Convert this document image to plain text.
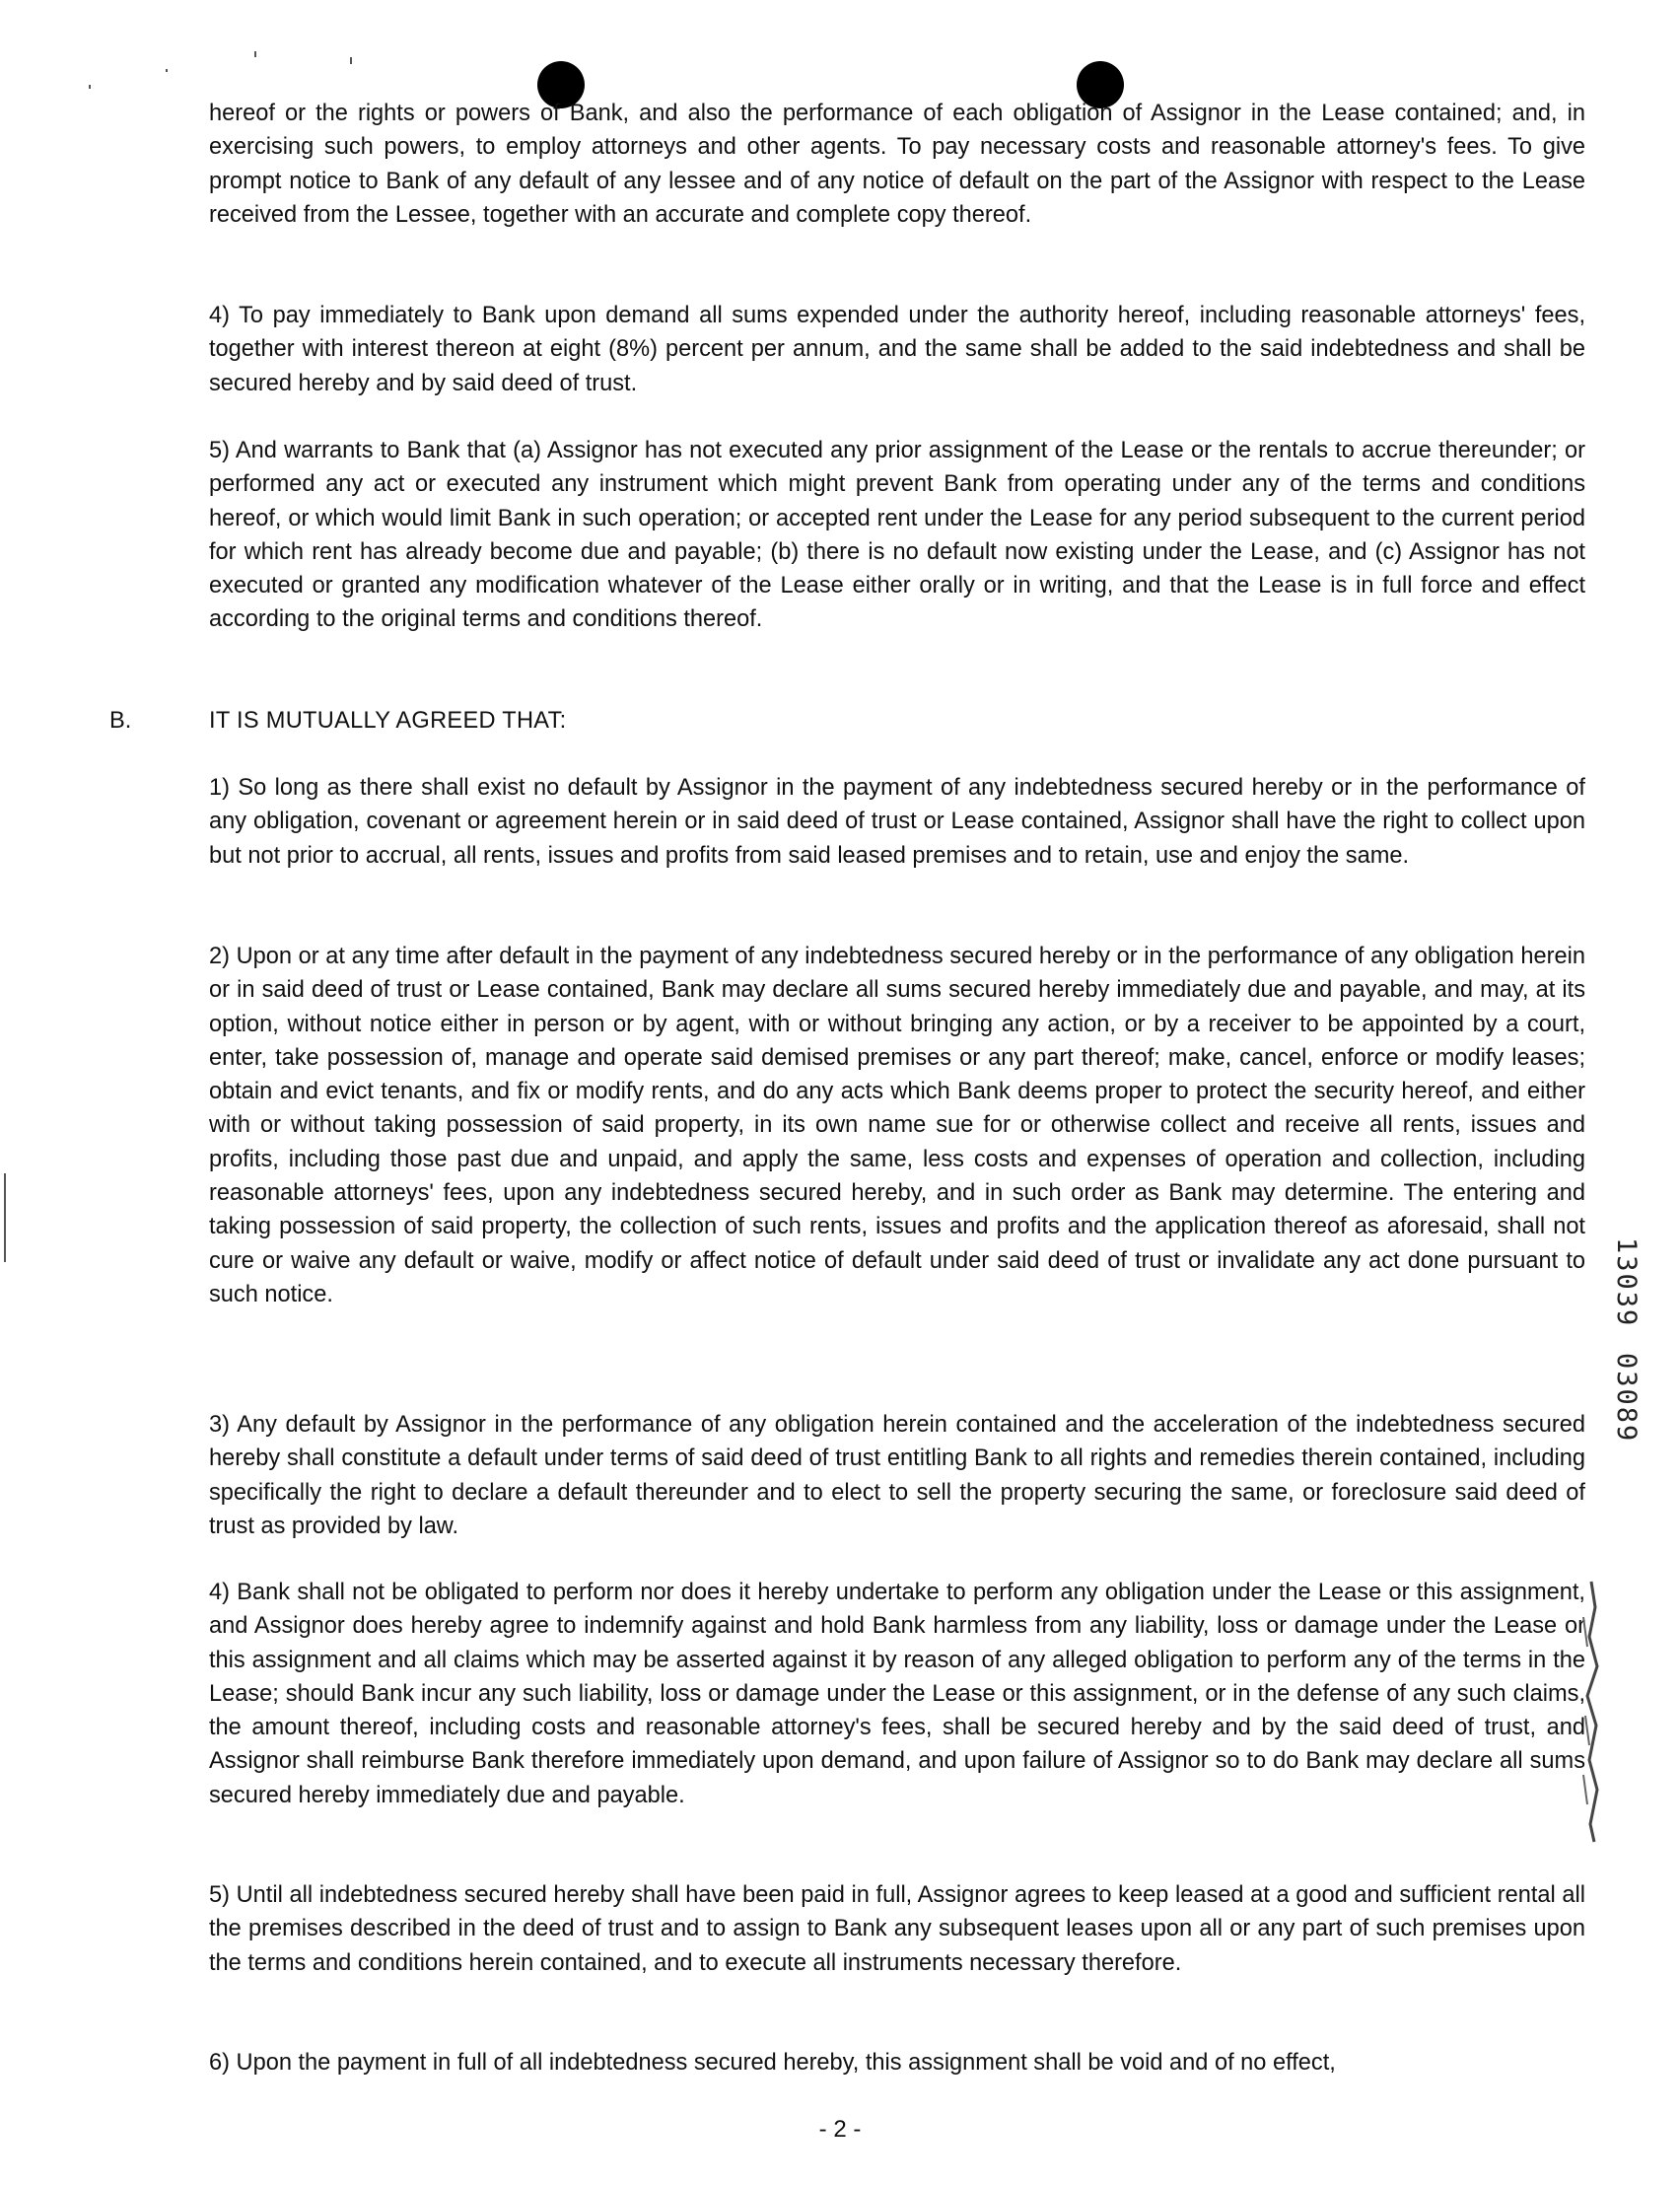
hereof or the rights or powers of Bank, and also the performance of each obligation of Assignor in the Lease contained; and, in exercising such powers, to employ attorneys and other agents. To pay necessary costs and reasonable attorney's fees. To give prompt notice to Bank of any default of any lessee and of any notice of default on the part of the Assignor with respect to the Lease received from the Lessee, together with an accurate and complete copy thereof.

4) To pay immediately to Bank upon demand all sums expended under the authority hereof, including reasonable attorneys' fees, together with interest thereon at eight (8%) percent per annum, and the same shall be added to the said indebtedness and shall be secured hereby and by said deed of trust.

5) And warrants to Bank that (a) Assignor has not executed any prior assignment of the Lease or the rentals to accrue thereunder; or performed any act or executed any instrument which might prevent Bank from operating under any of the terms and conditions hereof, or which would limit Bank in such operation; or accepted rent under the Lease for any period subsequent to the current period for which rent has already become due and payable; (b) there is no default now existing under the Lease, and (c) Assignor has not executed or granted any modification whatever of the Lease either orally or in writing, and that the Lease is in full force and effect according to the original terms and conditions thereof.

B.	IT IS MUTUALLY AGREED THAT:

1) So long as there shall exist no default by Assignor in the payment of any indebtedness secured hereby or in the performance of any obligation, covenant or agreement herein or in said deed of trust or Lease contained, Assignor shall have the right to collect upon but not prior to accrual, all rents, issues and profits from said leased premises and to retain, use and enjoy the same.

2) Upon or at any time after default in the payment of any indebtedness secured hereby or in the performance of any obligation herein or in said deed of trust or Lease contained, Bank may declare all sums secured hereby immediately due and payable, and may, at its option, without notice either in person or by agent, with or without bringing any action, or by a receiver to be appointed by a court, enter, take possession of, manage and operate said demised premises or any part thereof; make, cancel, enforce or modify leases; obtain and evict tenants, and fix or modify rents, and do any acts which Bank deems proper to protect the security hereof, and either with or without taking possession of said property, in its own name sue for or otherwise collect and receive all rents, issues and profits, including those past due and unpaid, and apply the same, less costs and expenses of operation and collection, including reasonable attorneys' fees, upon any indebtedness secured hereby, and in such order as Bank may determine. The entering and taking possession of said property, the collection of such rents, issues and profits and the application thereof as aforesaid, shall not cure or waive any default or waive, modify or affect notice of default under said deed of trust or invalidate any act done pursuant to such notice.

3) Any default by Assignor in the performance of any obligation herein contained and the acceleration of the indebtedness secured hereby shall constitute a default under terms of said deed of trust entitling Bank to all rights and remedies therein contained, including specifically the right to declare a default thereunder and to elect to sell the property securing the same, or foreclosure said deed of trust as provided by law.

4) Bank shall not be obligated to perform nor does it hereby undertake to perform any obligation under the Lease or this assignment, and Assignor does hereby agree to indemnify against and hold Bank harmless from any liability, loss or damage under the Lease or this assignment and all claims which may be asserted against it by reason of any alleged obligation to perform any of the terms in the Lease; should Bank incur any such liability, loss or damage under the Lease or this assignment, or in the defense of any such claims, the amount thereof, including costs and reasonable attorney's fees, shall be secured hereby and by the said deed of trust, and Assignor shall reimburse Bank therefore immediately upon demand, and upon failure of Assignor so to do Bank may declare all sums secured hereby immediately due and payable.

5) Until all indebtedness secured hereby shall have been paid in full, Assignor agrees to keep leased at a good and sufficient rental all the premises described in the deed of trust and to assign to Bank any subsequent leases upon all or any part of such premises upon the terms and conditions herein contained, and to execute all instruments necessary therefore.

6) Upon the payment in full of all indebtedness secured hereby, this assignment shall be void and of no effect,

13039
03089
- 2 -
